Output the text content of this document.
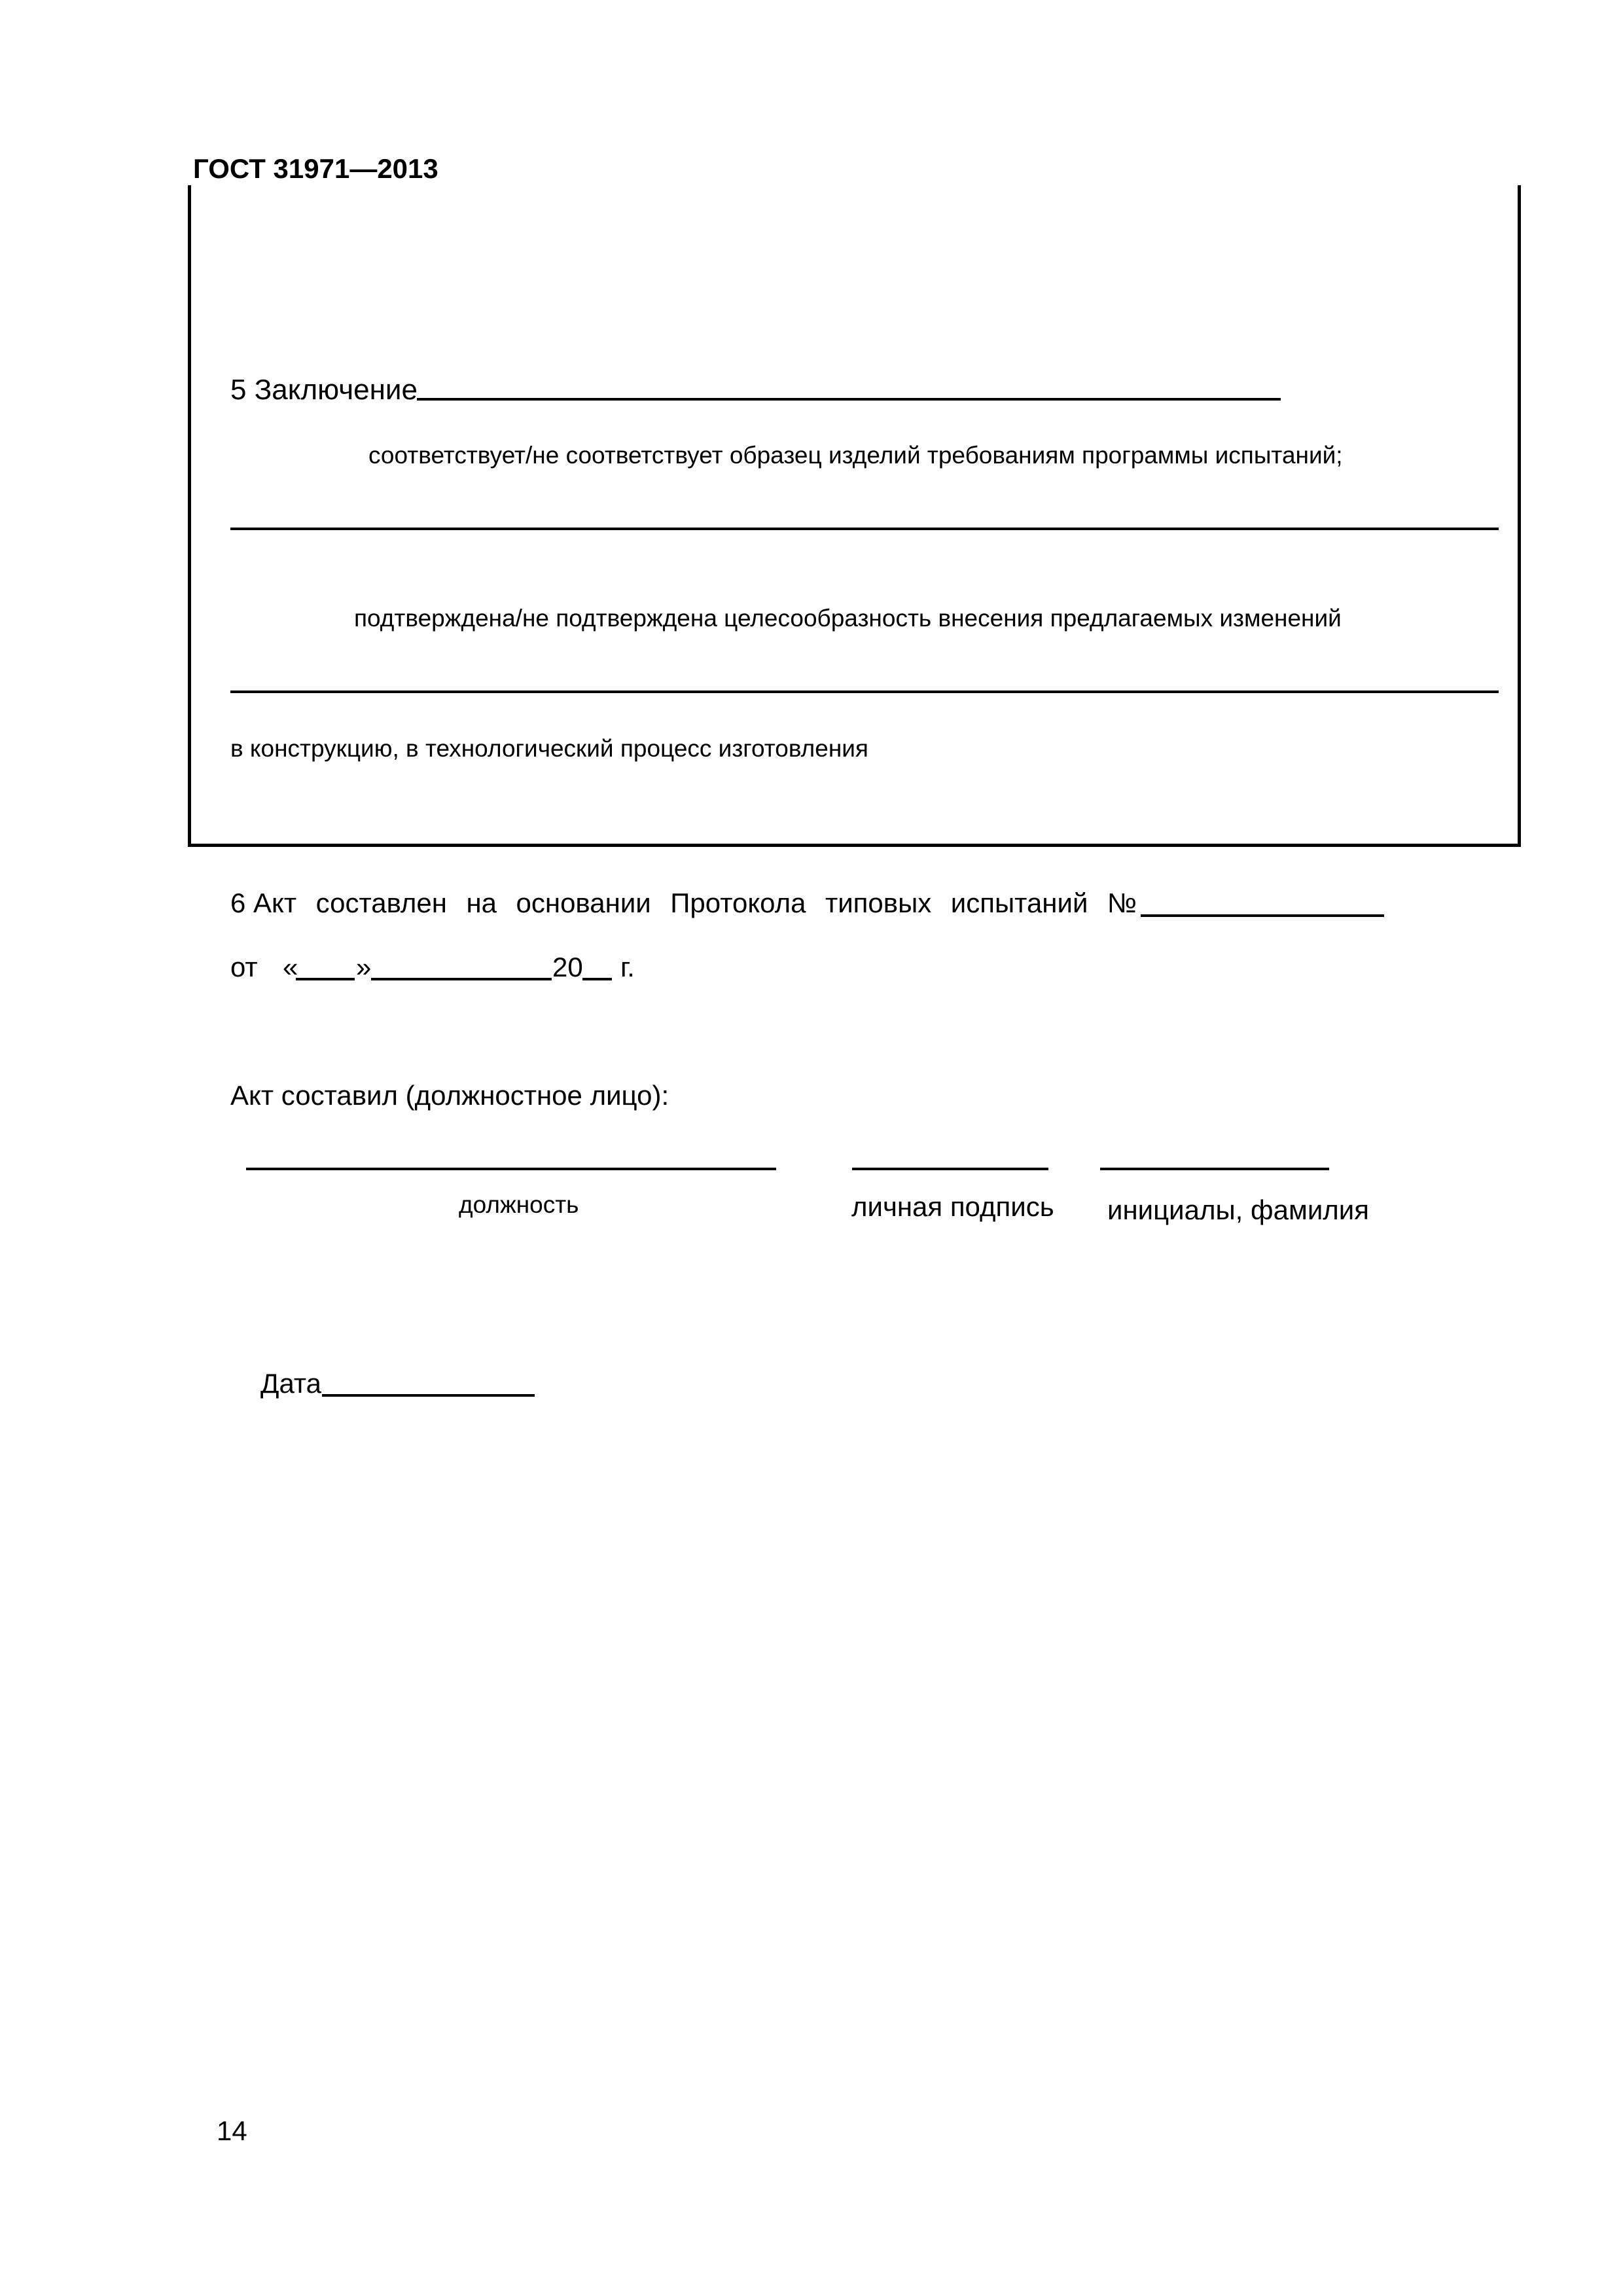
ГОСТ 31971—2013
5 Заключение
соответствует/не соответствует образец изделий требованиям программы испытаний;
подтверждена/не подтверждена целесообразность внесения предлагаемых изменений
в конструкцию, в технологический процесс изготовления
6 Акт составлен на основании Протокола типовых испытаний №
от « »	20 г.
Акт составил (должностное лицо):
должность	личная подпись инициалы, фамилия
Дата
14
